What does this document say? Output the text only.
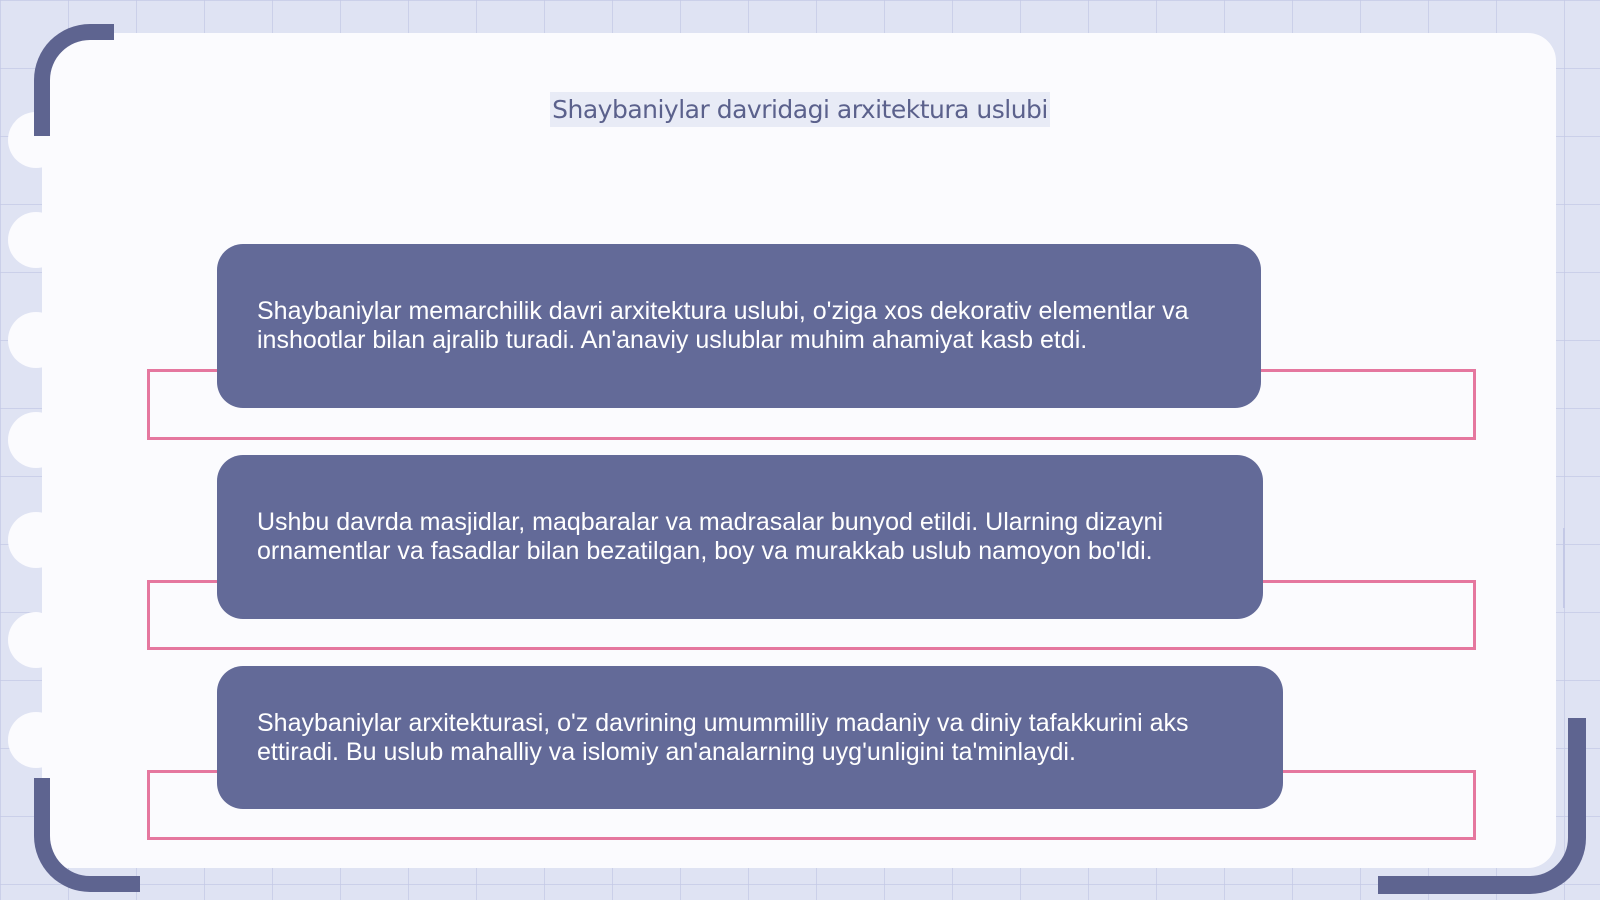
Shaybaniylar davridagi arxitektura uslubi

Shaybaniylar memarchilik davri arxitektura uslubi, o'ziga xos dekorativ elementlar va inshootlar bilan ajralib turadi. An'anaviy uslublar muhim ahamiyat kasb etdi.

Ushbu davrda masjidlar, maqbaralar va madrasalar bunyod etildi. Ularning dizayni ornamentlar va fasadlar bilan bezatilgan, boy va murakkab uslub namoyon bo'ldi.

Shaybaniylar arxitekturasi, o'z davrining umummilliy madaniy va diniy tafakkurini aks ettiradi. Bu uslub mahalliy va islomiy an'analarning uyg'unligini ta'minlaydi.
